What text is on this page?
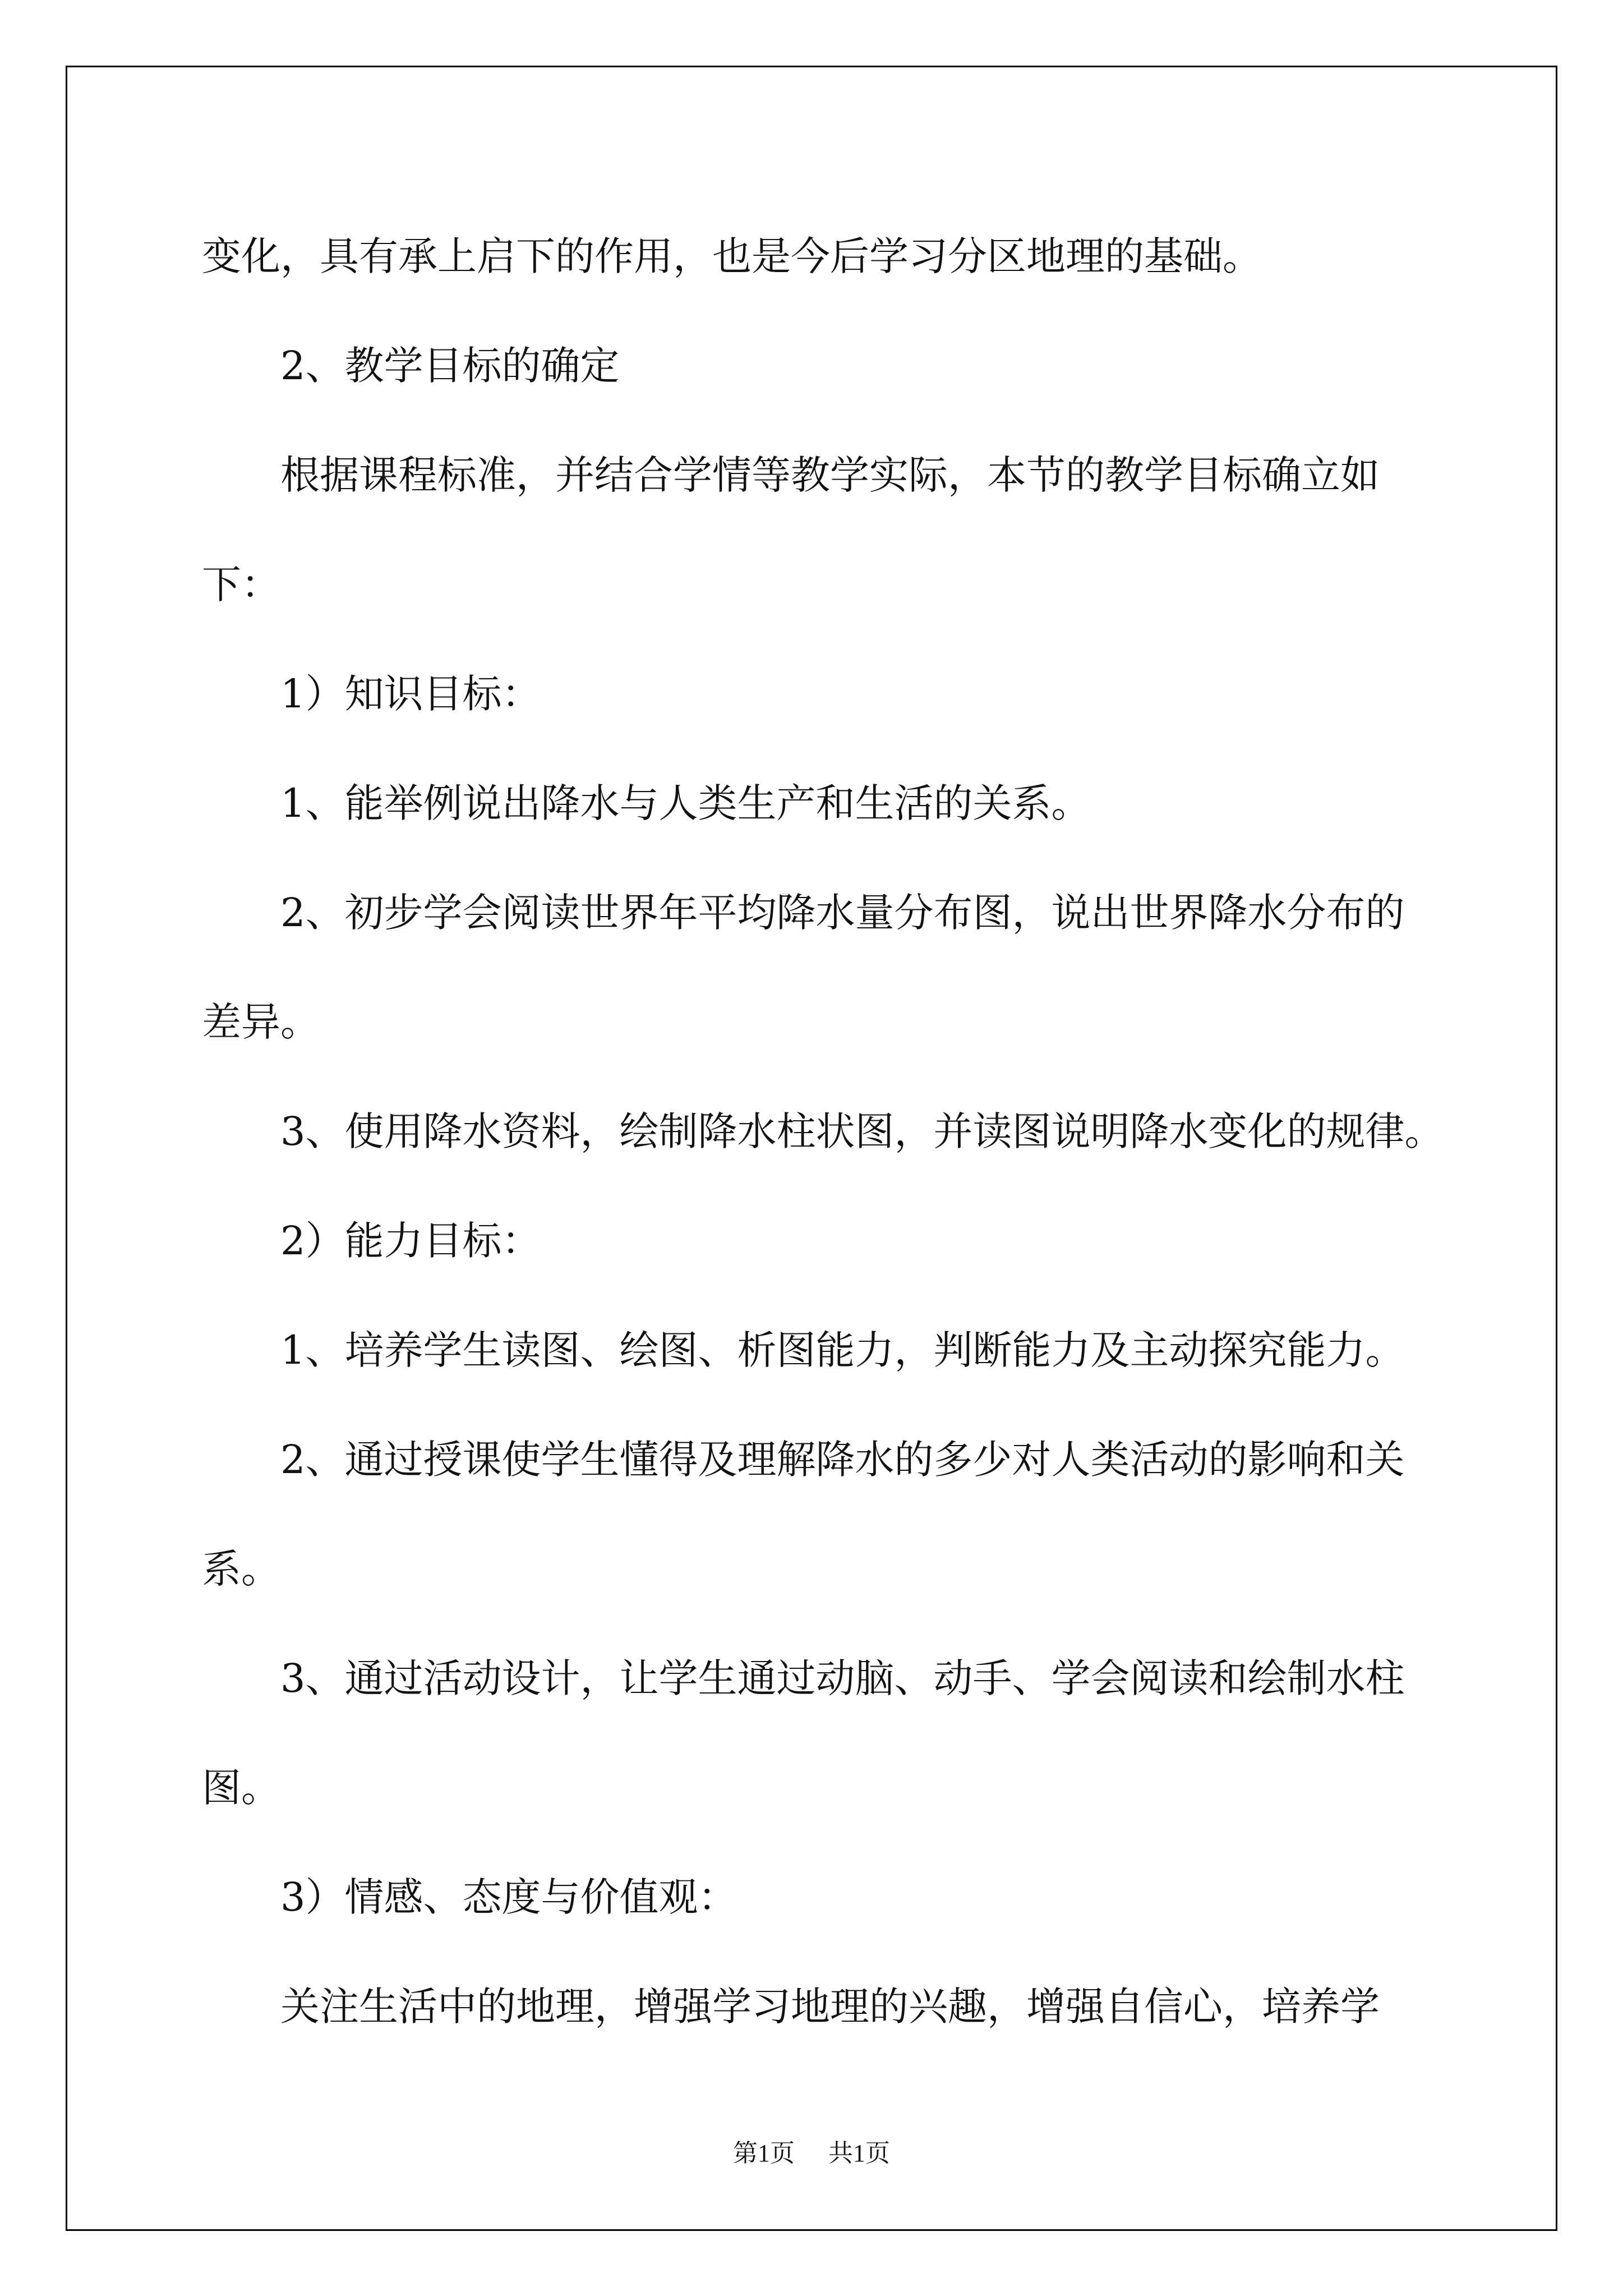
变化，具有承上启下的作用，也是今后学习分区地理的基础。

2、教学目标的确定

根据课程标准，并结合学情等教学实际，本节的教学目标确立如

下：

1）知识目标：

1、能举例说出降水与人类生产和生活的关系。

2、初步学会阅读世界年平均降水量分布图，说出世界降水分布的

差异。

3、使用降水资料，绘制降水柱状图，并读图说明降水变化的规律。

2）能力目标：

1、培养学生读图、绘图、析图能力，判断能力及主动探究能力。

2、通过授课使学生懂得及理解降水的多少对人类活动的影响和关

系。

3、通过活动设计，让学生通过动脑、动手、学会阅读和绘制水柱

图。

3）情感、态度与价值观：

关注生活中的地理，增强学习地理的兴趣，增强自信心，培养学

第1页 共1页
